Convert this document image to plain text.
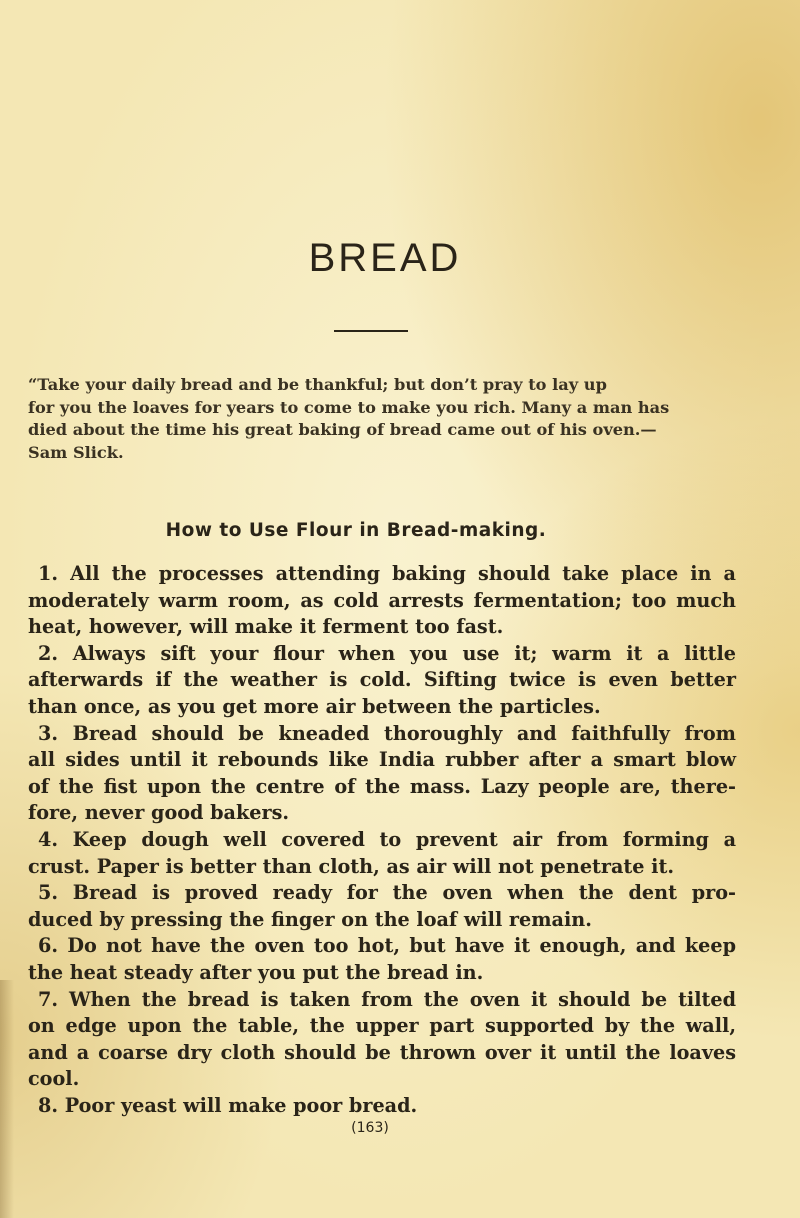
BREAD
“Take your daily bread and be thankful; but don’t pray to lay up
for you the loaves for years to come to make you rich. Many a man has
died about the time his great baking of bread came out of his oven.—
Sam Slick.
How to Use Flour in Bread-making.
1. All the processes attending baking should take place in a
moderately warm room, as cold arrests fermentation; too much
heat, however, will make it ferment too fast.
2. Always sift your flour when you use it; warm it a little
afterwards if the weather is cold. Sifting twice is even better
than once, as you get more air between the particles.
3. Bread should be kneaded thoroughly and faithfully from
all sides until it rebounds like India rubber after a smart blow
of the fist upon the centre of the mass. Lazy people are, there-
fore, never good bakers.
4. Keep dough well covered to prevent air from forming a
crust. Paper is better than cloth, as air will not penetrate it.
5. Bread is proved ready for the oven when the dent pro-
duced by pressing the finger on the loaf will remain.
6. Do not have the oven too hot, but have it enough, and keep
the heat steady after you put the bread in.
7. When the bread is taken from the oven it should be tilted
on edge upon the table, the upper part supported by the wall,
and a coarse dry cloth should be thrown over it until the loaves
cool.
8. Poor yeast will make poor bread.
(163)
